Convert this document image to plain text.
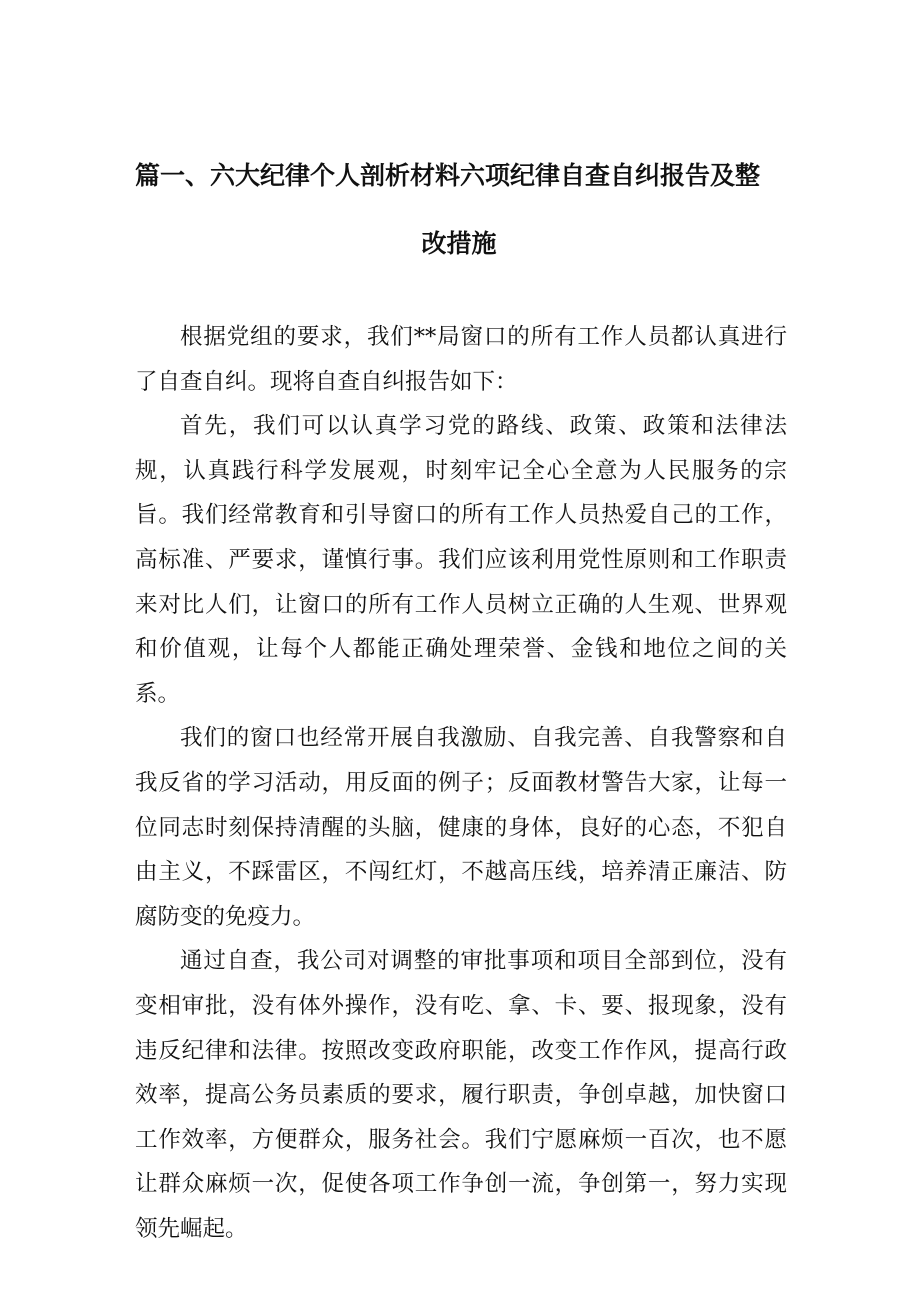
篇一、六大纪律个人剖析材料六项纪律自查自纠报告及整
改措施

根据党组的要求，我们**局窗口的所有工作人员都认真进行了自查自纠。现将自查自纠报告如下：

首先，我们可以认真学习党的路线、政策、政策和法律法规，认真践行科学发展观，时刻牢记全心全意为人民服务的宗旨。我们经常教育和引导窗口的所有工作人员热爱自己的工作，高标准、严要求，谨慎行事。我们应该利用党性原则和工作职责来对比人们，让窗口的所有工作人员树立正确的人生观、世界观和价值观，让每个人都能正确处理荣誉、金钱和地位之间的关系。

我们的窗口也经常开展自我激励、自我完善、自我警察和自我反省的学习活动，用反面的例子；反面教材警告大家，让每一位同志时刻保持清醒的头脑，健康的身体，良好的心态，不犯自由主义，不踩雷区，不闯红灯，不越高压线，培养清正廉洁、防腐防变的免疫力。

通过自查，我公司对调整的审批事项和项目全部到位，没有变相审批，没有体外操作，没有吃、拿、卡、要、报现象，没有违反纪律和法律。按照改变政府职能，改变工作作风，提高行政效率，提高公务员素质的要求，履行职责，争创卓越，加快窗口工作效率，方便群众，服务社会。我们宁愿麻烦一百次，也不愿让群众麻烦一次，促使各项工作争创一流，争创第一，努力实现领先崛起。
